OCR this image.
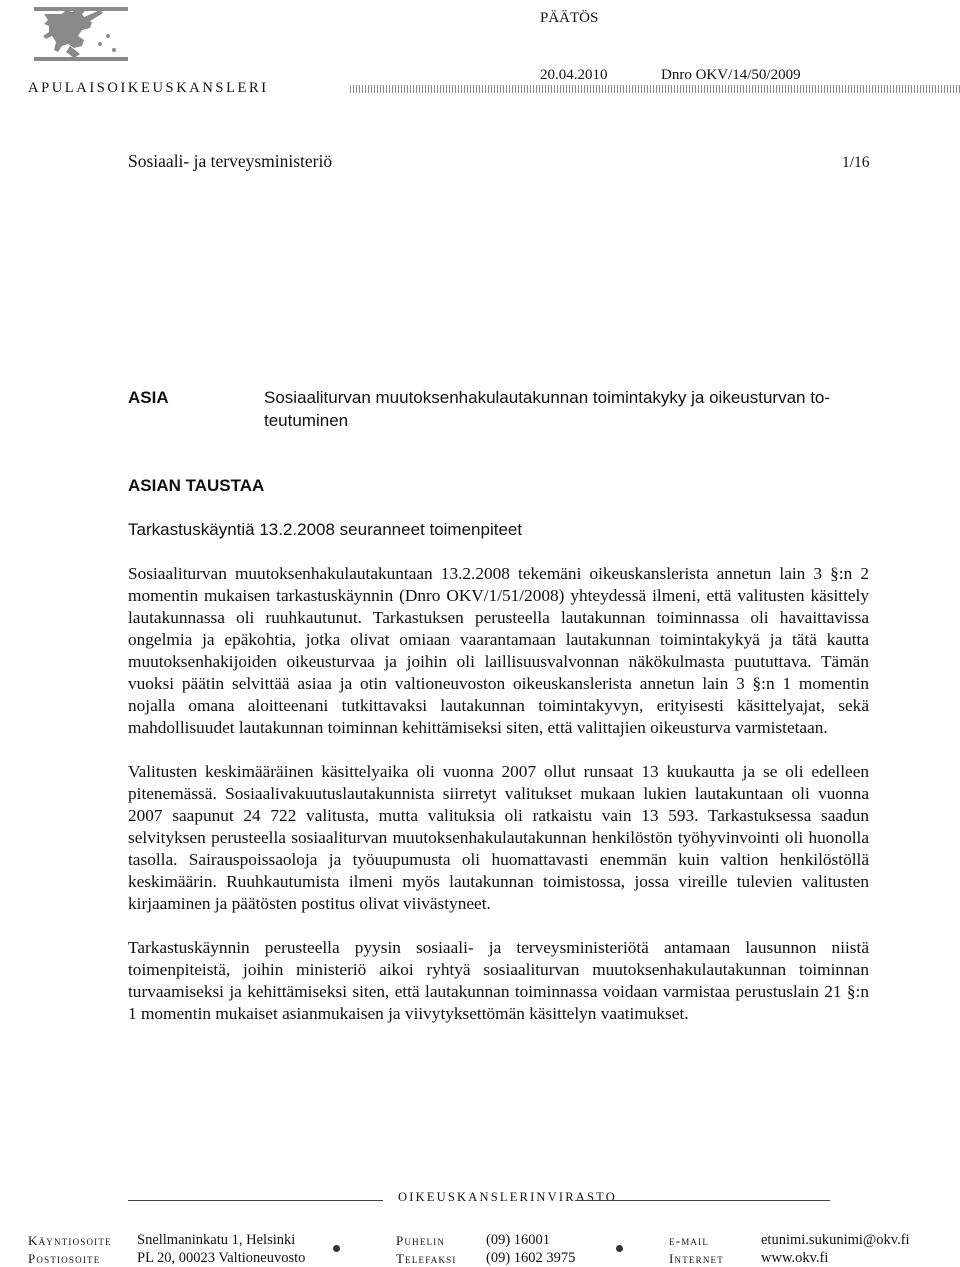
APULAISOIKEUSKANSLERI
PÄÄTÖS
20.04.2010	Dnro OKV/14/50/2009
Sosiaali- ja terveysministeriö	1/16
ASIA	Sosiaaliturvan muutoksenhakulautakunnan toimintakyky ja oikeusturvan to-
teutuminen
ASIAN TAUSTAA
Tarkastuskäyntiä 13.2.2008 seuranneet toimenpiteet

Sosiaaliturvan muutoksenhakulautakuntaan 13.2.2008 tekemäni oikeuskanslerista annetun lain 3 §:n 2 momentin mukaisen tarkastuskäynnin (Dnro OKV/1/51/2008) yhteydessä ilmeni, että valitusten käsittely lautakunnassa oli ruuhkautunut. Tarkastuksen perusteella lautakunnan toiminnassa oli havaittavissa ongelmia ja epäkohtia, jotka olivat omiaan vaarantamaan lautakunnan toimintakykyä ja tätä kautta muutoksenhakijoiden oikeusturvaa ja joihin oli laillisuusvalvonnan näkökulmasta puututtava. Tämän vuoksi päätin selvittää asiaa ja otin valtioneuvoston oikeuskanslerista annetun lain 3 §:n 1 momentin nojalla omana aloitteenani tutkittavaksi lautakunnan toimintakyvyn, erityisesti käsittelyajat, sekä mahdollisuudet lautakunnan toiminnan kehittämiseksi siten, että valittajien oikeusturva varmistetaan.

Valitusten keskimääräinen käsittelyaika oli vuonna 2007 ollut runsaat 13 kuukautta ja se oli edelleen pitenemässä. Sosiaalivakuutuslautakunnista siirretyt valitukset mukaan lukien lautakuntaan oli vuonna 2007 saapunut 24 722 valitusta, mutta valituksia oli ratkaistu vain 13 593. Tarkastuksessa saadun selvityksen perusteella sosiaaliturvan muutoksenhakulautakunnan henkilöstön työhyvinvointi oli huonolla tasolla. Sairauspoissaoloja ja työuupumusta oli huomattavasti enemmän kuin valtion henkilöstöllä keskimäärin. Ruuhkautumista ilmeni myös lautakunnan toimistossa, jossa vireille tulevien valitusten kirjaaminen ja päätösten postitus olivat viivästyneet.

Tarkastuskäynnin perusteella pyysin sosiaali- ja terveysministeriötä antamaan lausunnon niistä toimenpiteistä, joihin ministeriö aikoi ryhtyä sosiaaliturvan muutoksenhakulautakunnan toiminnan turvaamiseksi ja kehittämiseksi siten, että lautakunnan toiminnassa voidaan varmistaa perustuslain 21 §:n 1 momentin mukaiset asianmukaisen ja viivytyksettömän käsittelyn vaatimukset.

OIKEUSKANSLERINVIRASTO
Käyntiosoite Snellmaninkatu 1, Helsinki
Postiosoite	PL 20, 00023 Valtioneuvosto
Puhelin	(09) 16001
Telefaksi (09) 1602 3975
e-mail	etunimi.sukunimi@okv.fi
Internet	www.okv.fi
